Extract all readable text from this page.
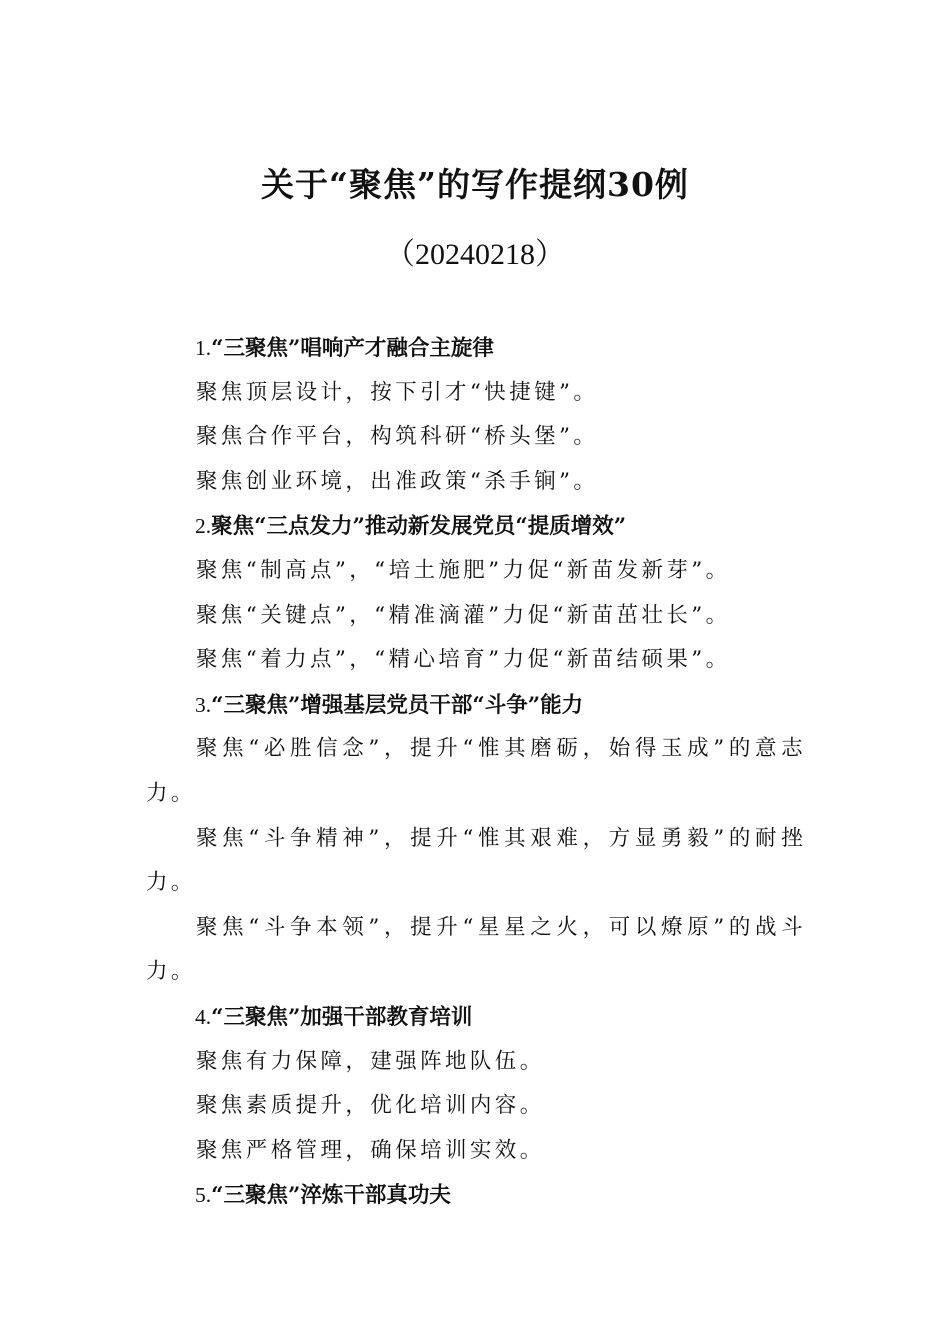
关于“聚焦”的写作提纲30例
（20240218）
1.“三聚焦”唱响产才融合主旋律
聚焦顶层设计，按下引才“快捷键”。
聚焦合作平台，构筑科研“桥头堡”。
聚焦创业环境，出准政策“杀手锏”。
2.聚焦“三点发力”推动新发展党员“提质增效”
聚焦“制高点”，“培土施肥”力促“新苗发新芽”。
聚焦“关键点”，“精准滴灌”力促“新苗茁壮长”。
聚焦“着力点”，“精心培育”力促“新苗结硕果”。
3.“三聚焦”增强基层党员干部“斗争”能力
聚焦“必胜信念”，提升“惟其磨砺，始得玉成”的意志力。
聚焦“斗争精神”，提升“惟其艰难，方显勇毅”的耐挫力。
聚焦“斗争本领”，提升“星星之火，可以燎原”的战斗力。
4.“三聚焦”加强干部教育培训
聚焦有力保障，建强阵地队伍。
聚焦素质提升，优化培训内容。
聚焦严格管理，确保培训实效。
5.“三聚焦”淬炼干部真功夫
